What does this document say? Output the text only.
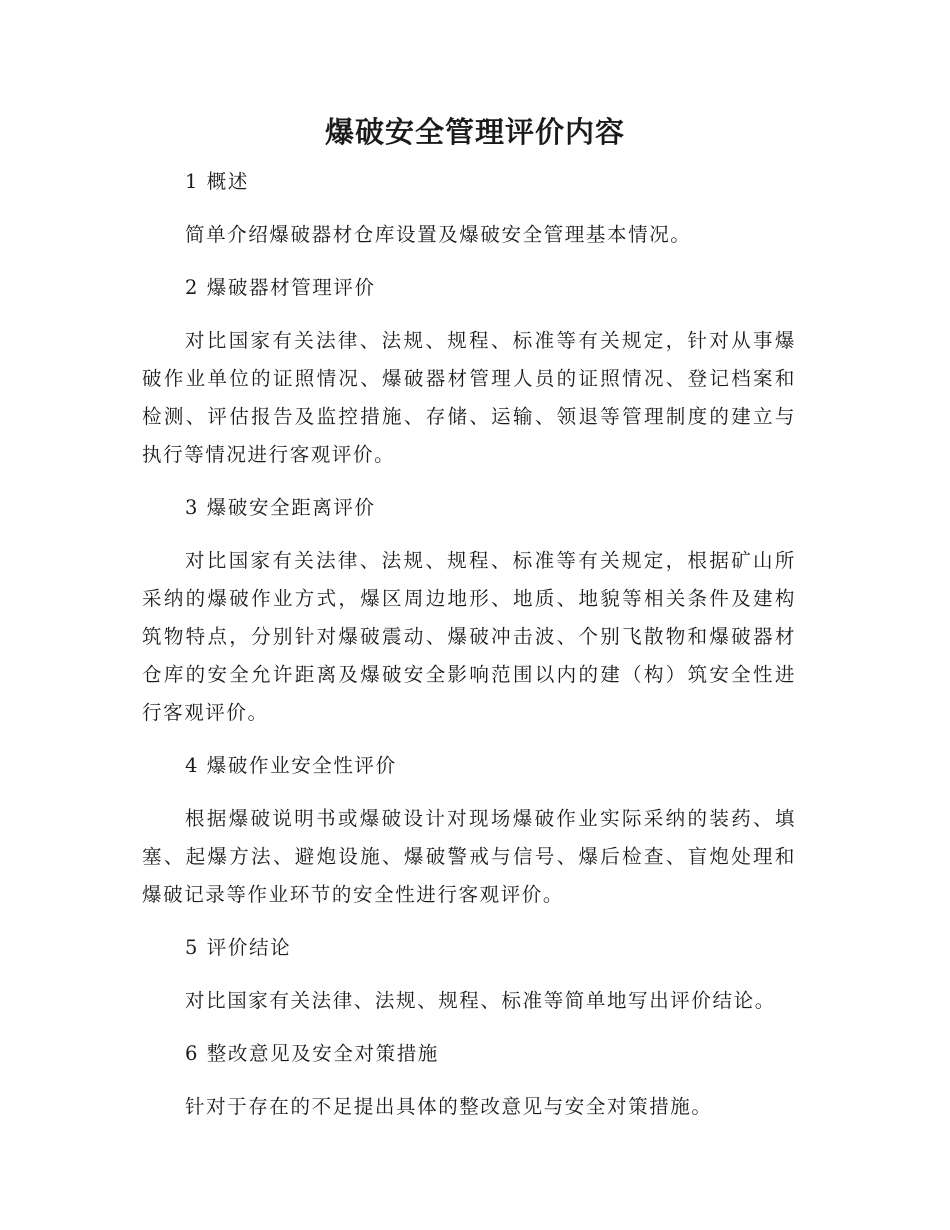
爆破安全管理评价内容

1 概述

简单介绍爆破器材仓库设置及爆破安全管理基本情况。

2 爆破器材管理评价

对比国家有关法律、法规、规程、标准等有关规定，针对从事爆破作业单位的证照情况、爆破器材管理人员的证照情况、登记档案和检测、评估报告及监控措施、存储、运输、领退等管理制度的建立与执行等情况进行客观评价。

3 爆破安全距离评价

对比国家有关法律、法规、规程、标准等有关规定，根据矿山所采纳的爆破作业方式，爆区周边地形、地质、地貌等相关条件及建构筑物特点，分别针对爆破震动、爆破冲击波、个别飞散物和爆破器材仓库的安全允许距离及爆破安全影响范围以内的建（构）筑安全性进行客观评价。

4 爆破作业安全性评价

根据爆破说明书或爆破设计对现场爆破作业实际采纳的装药、填塞、起爆方法、避炮设施、爆破警戒与信号、爆后检查、盲炮处理和爆破记录等作业环节的安全性进行客观评价。

5 评价结论

对比国家有关法律、法规、规程、标准等简单地写出评价结论。

6 整改意见及安全对策措施

针对于存在的不足提出具体的整改意见与安全对策措施。
